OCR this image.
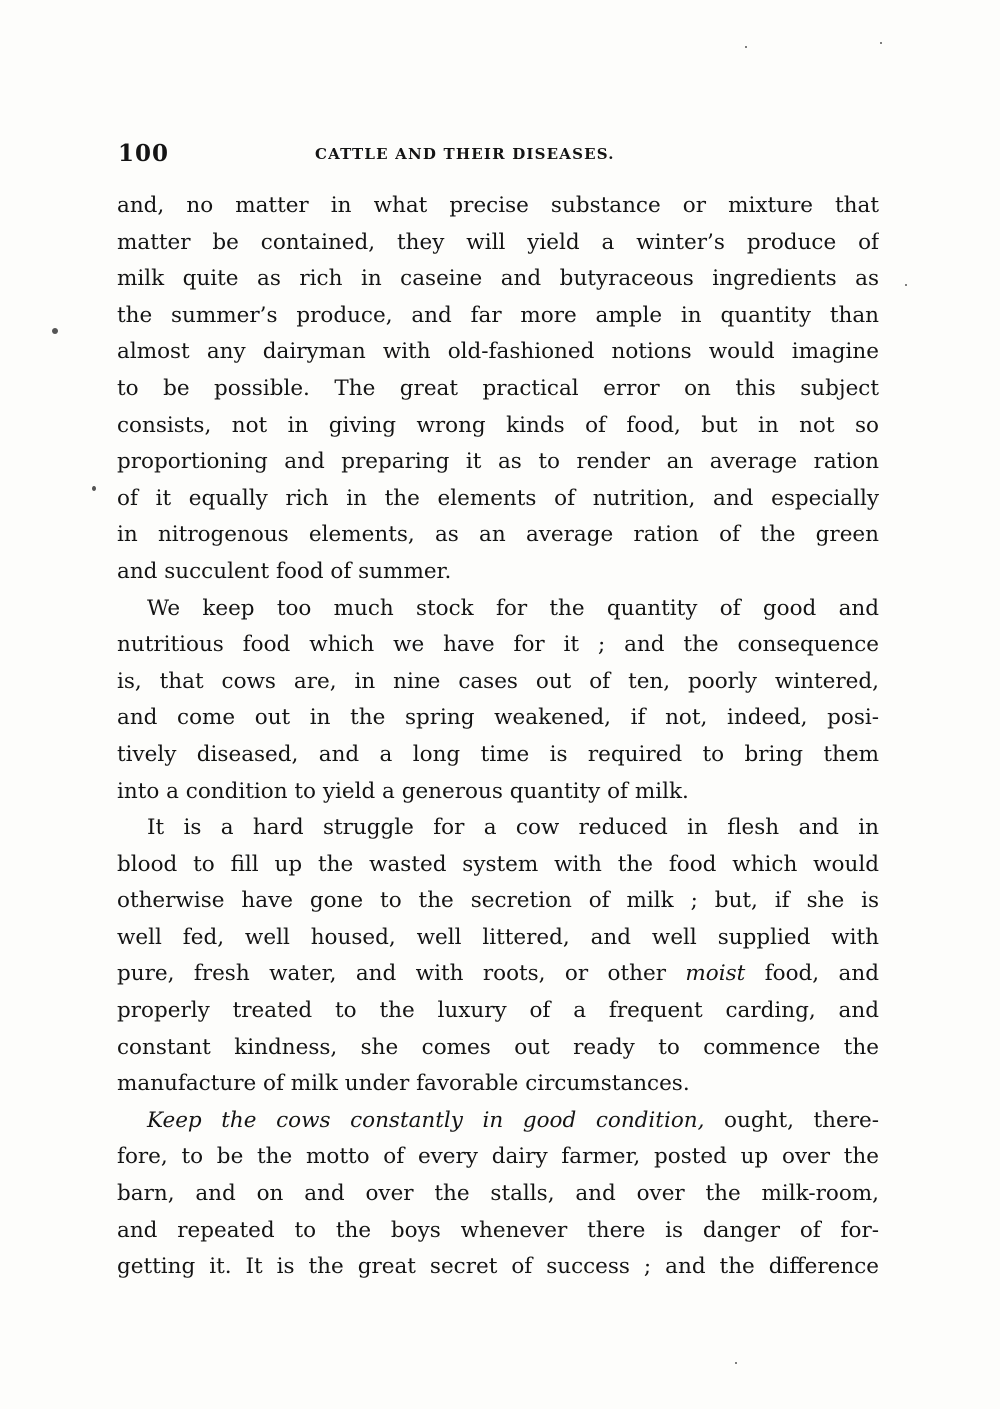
100	CATTLE AND THEIR DISEASES.
and, no matter in what precise substance or mixture that
matter be contained, they will yield a winter’s produce of
milk quite as rich in caseine and butyraceous ingredients as
the summer’s produce, and far more ample in quantity than
almost any dairyman with old-fashioned notions would imagine
to be possible. The great practical error on this subject
consists, not in giving wrong kinds of food, but in not so
proportioning and preparing it as to render an average ration
of it equally rich in the elements of nutrition, and especially
in nitrogenous elements, as an average ration of the green
and succulent food of summer.
We keep too much stock for the quantity of good and
nutritious food which we have for it ; and the consequence
is, that cows are, in nine cases out of ten, poorly wintered,
and come out in the spring weakened, if not, indeed, posi-
tively diseased, and a long time is required to bring them
into a condition to yield a generous quantity of milk.
It is a hard struggle for a cow reduced in flesh and in
blood to fill up the wasted system with the food which would
otherwise have gone to the secretion of milk ; but, if she is
well fed, well housed, well littered, and well supplied with
pure, fresh water, and with roots, or other moist food, and
properly treated to the luxury of a frequent carding, and
constant kindness, she comes out ready to commence the
manufacture of milk under favorable circumstances.
Keep the cows constantly in good condition, ought, there-
fore, to be the motto of every dairy farmer, posted up over the
barn, and on and over the stalls, and over the milk-room,
and repeated to the boys whenever there is danger of for-
getting it. It is the great secret of success ; and the difference
